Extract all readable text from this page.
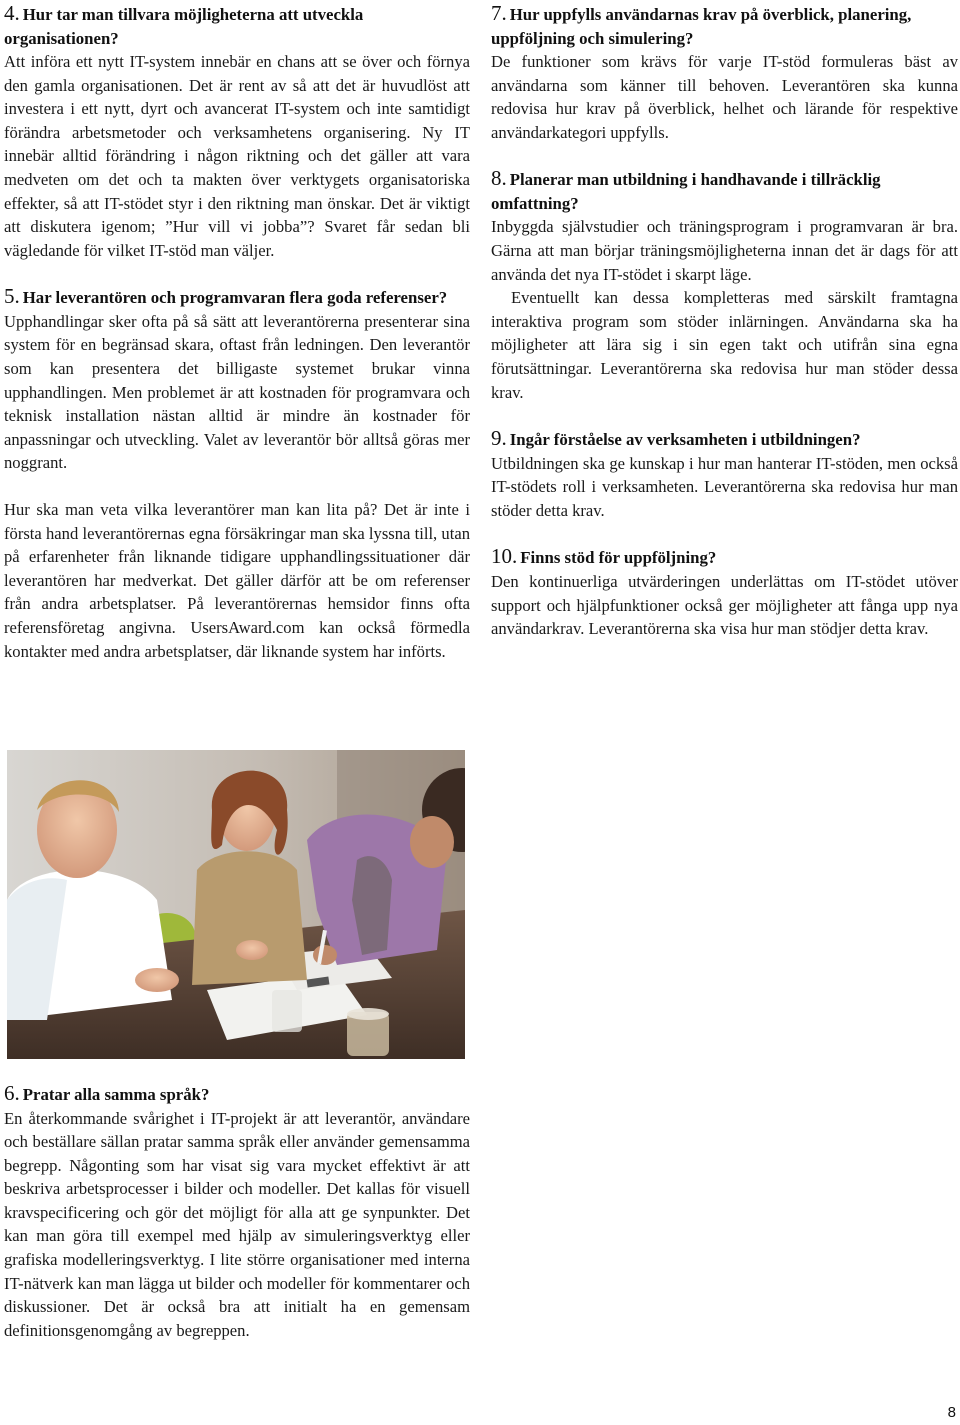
4. Hur tar man tillvara möjligheterna att utveckla organisationen?

Att införa ett nytt IT-system innebär en chans att se över och förnya den gamla organisationen. Det är rent av så att det är huvudlöst att investera i ett nytt, dyrt och avancerat IT-system och inte samtidigt förändra arbetsmetoder och verksamhetens organisering. Ny IT innebär alltid förändring i någon riktning och det gäller att vara medveten om det och ta makten över verktygets organisatoriska effekter, så att IT-stödet styr i den riktning man önskar. Det är viktigt att diskutera igenom; ”Hur vill vi jobba”? Svaret får sedan bli vägledande för vilket IT-stöd man väljer.

5. Har leverantören och programvaran flera goda referenser?

Upphandlingar sker ofta på så sätt att leverantörerna presenterar sina system för en begränsad skara, oftast från ledningen. Den leverantör som kan presentera det billigaste systemet brukar vinna upphandlingen. Men problemet är att kostnaden för programvara och teknisk installation nästan alltid är mindre än kostnader för anpassningar och utveckling. Valet av leverantör bör alltså göras mer noggrant.

Hur ska man veta vilka leverantörer man kan lita på? Det är inte i första hand leverantörernas egna försäkringar man ska lyssna till, utan på erfarenheter från liknande tidigare upphandlingssituationer där leverantören har medverkat. Det gäller därför att be om referenser från andra arbetsplatser. På leverantörernas hemsidor finns ofta referensföretag angivna. UsersAward.com kan också förmedla kontakter med andra arbetsplatser, där liknande system har införts.

6. Pratar alla samma språk?

En återkommande svårighet i IT-projekt är att leverantör, användare och beställare sällan pratar samma språk eller använder gemensamma begrepp. Någonting som har visat sig vara mycket effektivt är att beskriva arbetsprocesser i bilder och modeller. Det kallas för visuell kravspecificering och gör det möjligt för alla att ge synpunkter. Det kan man göra till exempel med hjälp av simuleringsverktyg eller grafiska modelleringsverktyg. I lite större organisationer med interna IT-nätverk kan man lägga ut bilder och modeller för kommentarer och diskussioner. Det är också bra att initialt ha en gemensam definitionsgenomgång av begreppen.

7. Hur uppfylls användarnas krav på överblick, planering, uppföljning och simulering?

De funktioner som krävs för varje IT-stöd formuleras bäst av användarna som känner till behoven. Leverantören ska kunna redovisa hur krav på överblick, helhet och lärande för respektive användarkategori uppfylls.

8. Planerar man utbildning i handhavande i tillräcklig omfattning?

Inbyggda självstudier och träningsprogram i programvaran är bra. Gärna att man börjar träningsmöjligheterna innan det är dags för att använda det nya IT-stödet i skarpt läge.

Eventuellt kan dessa kompletteras med särskilt framtagna interaktiva program som stöder inlärningen. Användarna ska ha möjligheter att lära sig i sin egen takt och utifrån sina egna förutsättningar. Leverantörerna ska redovisa hur man stöder dessa krav.

9. Ingår förståelse av verksamheten i utbildningen?

Utbildningen ska ge kunskap i hur man hanterar IT-stöden, men också IT-stödets roll i verksamheten. Leverantörerna ska redovisa hur man stöder detta krav.

10. Finns stöd för uppföljning?

Den kontinuerliga utvärderingen underlättas om IT-stödet utöver support och hjälpfunktioner också ger möjligheter att fånga upp nya användarkrav. Leverantörerna ska visa hur man stödjer detta krav.

8
